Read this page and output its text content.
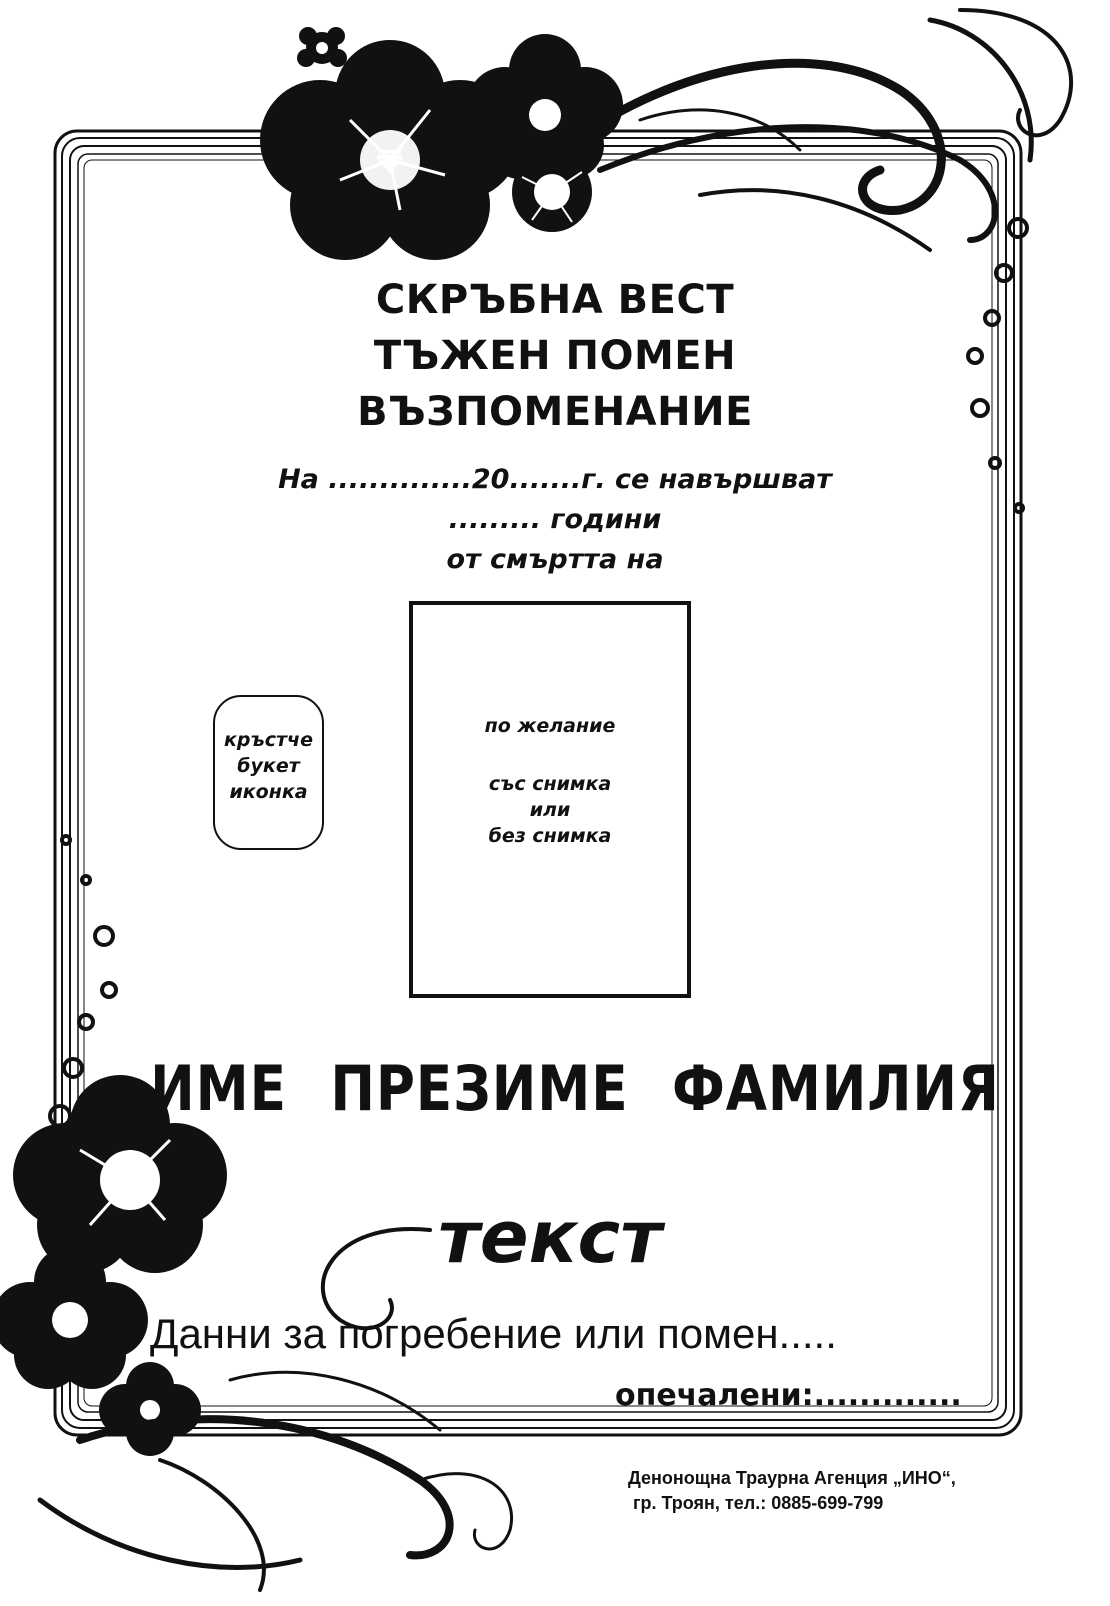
СКРЪБНА ВЕСТ
ТЪЖЕН ПОМЕН
ВЪЗПОМЕНАНИЕ
На ..............20.......г. се навършват
......... години
от смъртта на
кръстче
букет
иконка
по желание
със снимка
или
без снимка
ИМЕ ПРЕЗИМЕ ФАМИЛИЯ
текст
Данни за погребение или помен.....
опечалени:.............
Денонощна Траурна Агенция „ИНО“,
гр. Троян, тел.: 0885-699-799
